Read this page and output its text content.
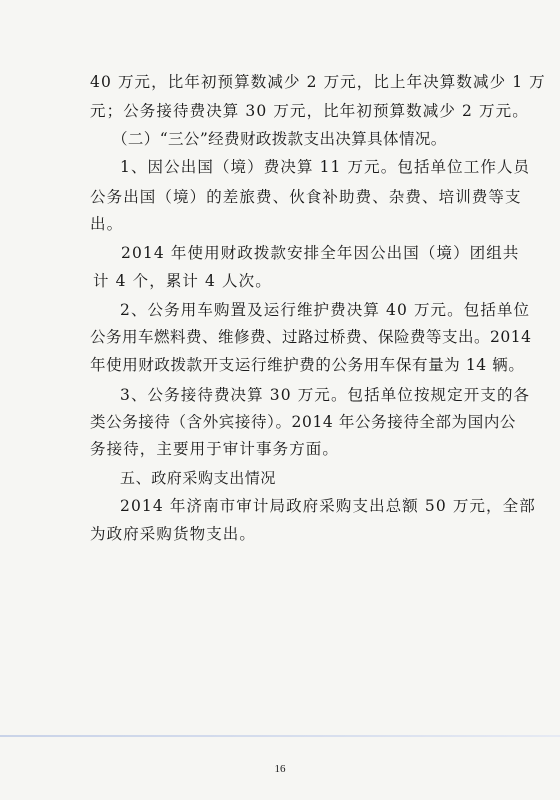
40 万元，比年初预算数减少 2 万元，比上年决算数减少 1 万
元；公务接待费决算 30 万元，比年初预算数减少 2 万元。
（二）“三公”经费财政拨款支出决算具体情况。
1、因公出国（境）费决算 11 万元。包括单位工作人员
公务出国（境）的差旅费、伙食补助费、杂费、培训费等支
出。
2014 年使用财政拨款安排全年因公出国（境）团组共
计 4 个，累计 4 人次。
2、公务用车购置及运行维护费决算 40 万元。包括单位
公务用车燃料费、维修费、过路过桥费、保险费等支出。2014
年使用财政拨款开支运行维护费的公务用车保有量为 14 辆。
3、公务接待费决算 30 万元。包括单位按规定开支的各
类公务接待（含外宾接待）。2014 年公务接待全部为国内公
务接待，主要用于审计事务方面。
五、政府采购支出情况
2014 年济南市审计局政府采购支出总额 50 万元，全部
为政府采购货物支出。
16
